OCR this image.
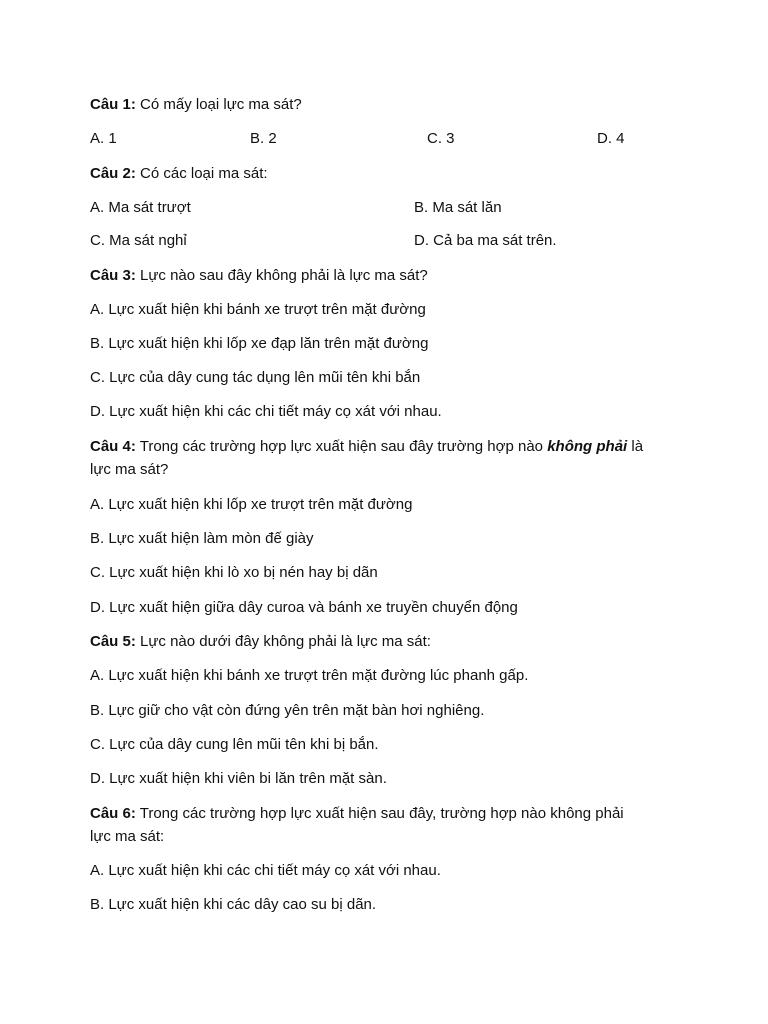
Câu 1: Có mấy loại lực ma sát?
A. 1	B. 2	C. 3	D. 4
Câu 2: Có các loại ma sát:
A. Ma sát trượt	B. Ma sát lăn
C. Ma sát nghỉ	D. Cả ba ma sát trên.
Câu 3: Lực nào sau đây không phải là lực ma sát?
A. Lực xuất hiện khi bánh xe trượt trên mặt đường
B. Lực xuất hiện khi lốp xe đạp lăn trên mặt đường
C. Lực của dây cung tác dụng lên mũi tên khi bắn
D. Lực xuất hiện khi các chi tiết máy cọ xát với nhau.
Câu 4: Trong các trường hợp lực xuất hiện sau đây trường hợp nào không phải là
lực ma sát?
A. Lực xuất hiện khi lốp xe trượt trên mặt đường
B. Lực xuất hiện làm mòn đế giày
C. Lực xuất hiện khi lò xo bị nén hay bị dãn
D. Lực xuất hiện giữa dây curoa và bánh xe truyền chuyển động
Câu 5: Lực nào dưới đây không phải là lực ma sát:
A. Lực xuất hiện khi bánh xe trượt trên mặt đường lúc phanh gấp.
B. Lực giữ cho vật còn đứng yên trên mặt bàn hơi nghiêng.
C. Lực của dây cung lên mũi tên khi bị bắn.
D. Lực xuất hiện khi viên bi lăn trên mặt sàn.
Câu 6: Trong các trường hợp lực xuất hiện sau đây, trường hợp nào không phải
lực ma sát:
A. Lực xuất hiện khi các chi tiết máy cọ xát với nhau.
B. Lực xuất hiện khi các dây cao su bị dãn.
